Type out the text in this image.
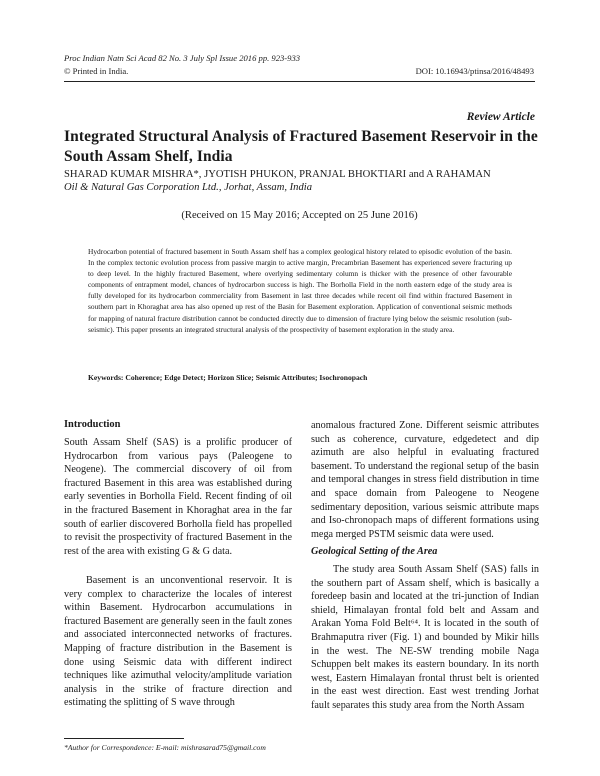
Proc Indian Natn Sci Acad 82 No. 3 July Spl Issue 2016 pp. 923-933
© Printed in India.	DOI: 10.16943/ptinsa/2016/48493
Review Article
Integrated Structural Analysis of Fractured Basement Reservoir in the South Assam Shelf, India
SHARAD KUMAR MISHRA*, JYOTISH PHUKON, PRANJAL BHOKTIARI and A RAHAMAN
Oil & Natural Gas Corporation Ltd., Jorhat, Assam, India
(Received on 15 May 2016; Accepted on 25 June 2016)
Hydrocarbon potential of fractured basement in South Assam shelf has a complex geological history related to episodic evolution of the basin. In the complex tectonic evolution process from passive margin to active margin, Precambrian Basement has experienced severe fracturing up to deep level. In the highly fractured Basement, where overlying sedimentary column is thicker with the presence of other favourable components of entrapment model, chances of hydrocarbon success is high. The Borholla Field in the north eastern edge of the study area is fully developed for its hydrocarbon commerciality from Basement in last three decades while recent oil find within fractured Basement in southern part in Khoraghat area has also opened up rest of the Basin for Basement exploration. Application of conventional seismic methods for mapping of natural fracture distribution cannot be conducted directly due to dimension of fracture lying below the seismic resolution (sub-seismic). This paper presents an integrated structural analysis of the prospectivity of basement exploration in the study area.
Keywords: Coherence; Edge Detect; Horizon Slice; Seismic Attributes; Isochronopach
Introduction
South Assam Shelf (SAS) is a prolific producer of Hydrocarbon from various pays (Paleogene to Neogene). The commercial discovery of oil from fractured Basement in this area was established during early seventies in Borholla Field. Recent finding of oil in the fractured Basement in Khoraghat area in the far south of earlier discovered Borholla field has propelled to revisit the prospectivity of fractured Basement in the rest of the area with existing G & G data.
Basement is an unconventional reservoir. It is very complex to characterize the locales of interest within Basement. Hydrocarbon accumulations in fractured Basement are generally seen in the fault zones and associated interconnected networks of fractures. Mapping of fracture distribution in the Basement is done using Seismic data with different indirect techniques like azimuthal velocity/amplitude variation analysis in the strike of fracture direction and estimating the splitting of S wave through
anomalous fractured Zone. Different seismic attributes such as coherence, curvature, edgedetect and dip azimuth are also helpful in evaluating fractured basement. To understand the regional setup of the basin and temporal changes in stress field distribution in time and space domain from Paleogene to Neogene sedimentary deposition, various seismic attribute maps and Iso-chronopach maps of different formations using mega merged PSTM seismic data were used.
Geological Setting of the Area
The study area South Assam Shelf (SAS) falls in the southern part of Assam shelf, which is basically a foredeep basin and located at the tri-junction of Indian shield, Himalayan frontal fold belt and Assam and Arakan Yoma Fold Belt⁶⁴. It is located in the south of Brahmaputra river (Fig. 1) and bounded by Mikir hills in the west. The NE-SW trending mobile Naga Schuppen belt makes its eastern boundary. In its north west, Eastern Himalayan frontal thrust belt is oriented in the east west direction. East west trending Jorhat fault separates this study area from the North Assam
*Author for Correspondence: E-mail: mishrasarad75@gmail.com
